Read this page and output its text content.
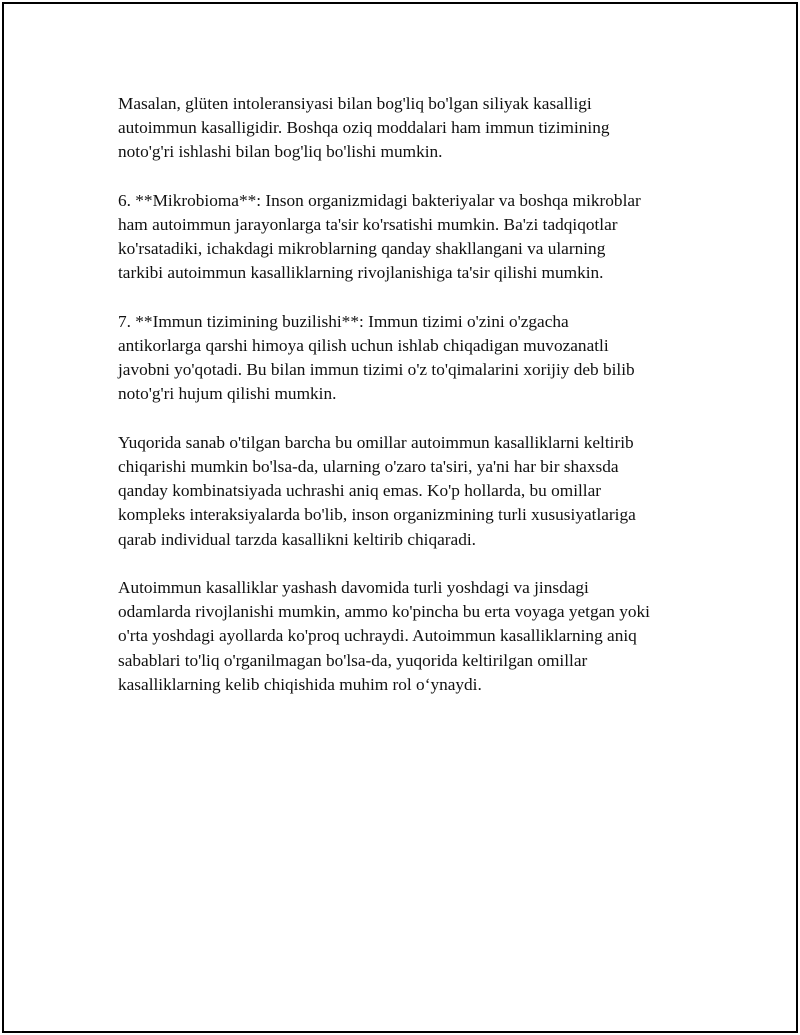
Masalan, glüten intoleransiyasi bilan bog'liq bo'lgan siliyak kasalligi
autoimmun kasalligidir. Boshqa oziq moddalari ham immun tizimining
noto'g'ri ishlashi bilan bog'liq bo'lishi mumkin.

6. **Mikrobioma**: Inson organizmidagi bakteriyalar va boshqa mikroblar
ham autoimmun jarayonlarga ta'sir ko'rsatishi mumkin. Ba'zi tadqiqotlar
ko'rsatadiki, ichakdagi mikroblarning qanday shakllangani va ularning
tarkibi autoimmun kasalliklarning rivojlanishiga ta'sir qilishi mumkin.

7. **Immun tizimining buzilishi**: Immun tizimi o'zini o'zgacha
antikorlarga qarshi himoya qilish uchun ishlab chiqadigan muvozanatli
javobni yo'qotadi. Bu bilan immun tizimi o'z to'qimalarini xorijiy deb bilib
noto'g'ri hujum qilishi mumkin.

Yuqorida sanab o'tilgan barcha bu omillar autoimmun kasalliklarni keltirib
chiqarishi mumkin bo'lsa-da, ularning o'zaro ta'siri, ya'ni har bir shaxsda
qanday kombinatsiyada uchrashi aniq emas. Ko'p hollarda, bu omillar
kompleks interaksiyalarda bo'lib, inson organizmining turli xususiyatlariga
qarab individual tarzda kasallikni keltirib chiqaradi.

Autoimmun kasalliklar yashash davomida turli yoshdagi va jinsdagi
odamlarda rivojlanishi mumkin, ammo ko'pincha bu erta voyaga yetgan yoki
o'rta yoshdagi ayollarda ko'proq uchraydi. Autoimmun kasalliklarning aniq
sabablari to'liq o'rganilmagan bo'lsa-da, yuqorida keltirilgan omillar
kasalliklarning kelib chiqishida muhim rol o‘ynaydi.
